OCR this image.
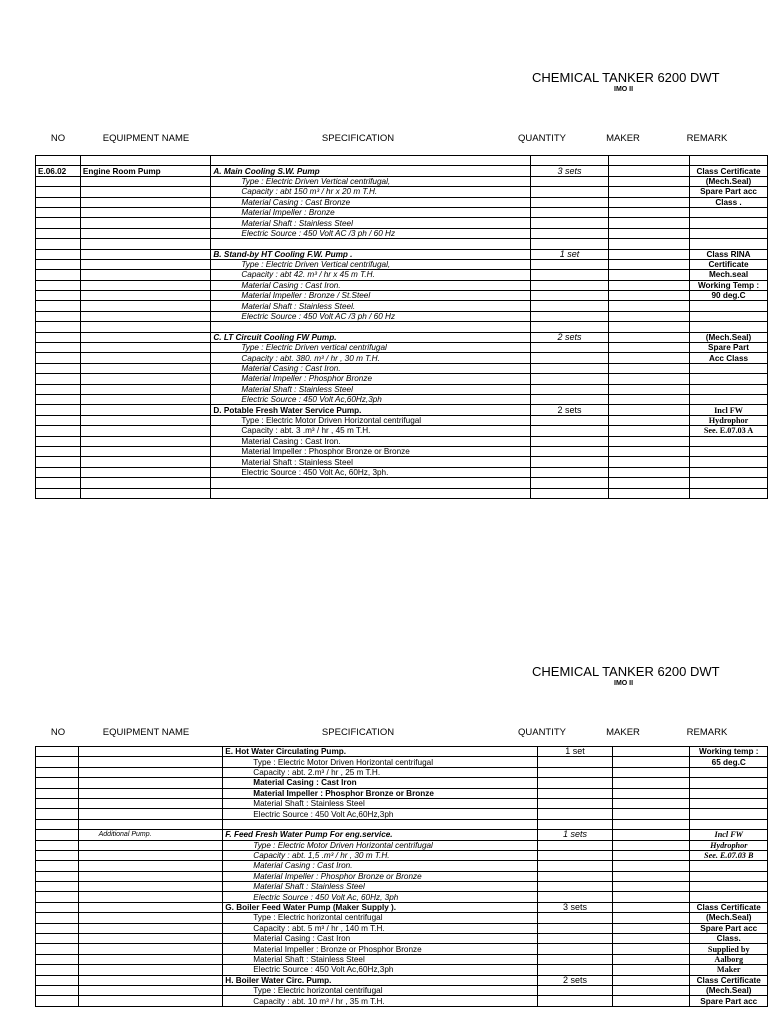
CHEMICAL TANKER 6200 DWT
IMO II
NO	EQUIPMENT NAME	SPECIFICATION	QUANTITY	MAKER	REMARK

E.06.02	Engine Room Pump	A. Main Cooling S.W. Pump	3 sets		Class Certificate
		Type : Electric Driven Vertical centrifugal,			(Mech.Seal)
		Capacity : abt 150 m³ / hr x 20 m T.H.			Spare Part acc
		Material Casing : Cast Bronze			Class .
		Material Impeller : Bronze			
		Material Shaft : Stainless Steel			
		Electric Source : 450 Volt AC /3 ph / 60 Hz			

		B. Stand-by HT Cooling F.W. Pump .	1 set		Class RINA
		Type : Electric Driven Vertical centrifugal,			Certificate
		Capacity : abt 42. m³ / hr x 45 m T.H.			Mech.seal
		Material Casing : Cast Iron.			Working Temp :
		Material Impeller : Bronze / St.Steel			90 deg.C
		Material Shaft : Stainless Steel.			
		Electric Source : 450 Volt AC /3 ph / 60 Hz			

		C. LT Circuit Cooling FW Pump.	2 sets		(Mech.Seal)
		Type : Electric Driven vertical centrifugal			Spare Part
		Capacity : abt. 380. m³ / hr , 30 m T.H.			Acc Class
		Material Casing : Cast Iron.			
		Material Impeller : Phosphor Bronze			
		Material Shaft : Stainless Steel			
		Electric Source : 450 Volt Ac,60Hz,3ph			
		D. Potable Fresh Water Service Pump.	2 sets		Incl FW
		Type : Electric Motor Driven Horizontal centrifugal			Hydrophor
		Capacity : abt. 3 .m³ / hr , 45 m T.H.			See. E.07.03 A
		Material Casing : Cast Iron.			
		Material Impeller : Phosphor Bronze or Bronze			
		Material Shaft : Stainless Steel			
		Electric Source : 450 Volt Ac, 60Hz, 3ph.			

CHEMICAL TANKER 6200 DWT
IMO II
NO	EQUIPMENT NAME	SPECIFICATION	QUANTITY	MAKER	REMARK
		E. Hot Water Circulating Pump.	1 set		Working temp :
		Type : Electric Motor Driven Horizontal centrifugal			65 deg.C
		Capacity : abt. 2.m³ / hr , 25 m T.H.			
		Material Casing : Cast Iron			
		Material Impeller : Phosphor Bronze or Bronze			
		Material Shaft : Stainless Steel			
		Electric Source : 450 Volt Ac,60Hz,3ph			

	Additional Pump.	F. Feed Fresh Water Pump For eng.service.	1 sets		Incl FW
		Type : Electric Motor Driven Horizontal centrifugal			Hydrophor
		Capacity : abt. 1,5 .m³ / hr , 30 m T.H.			See. E.07.03 B
		Material Casing : Cast Iron.			
		Material Impeller : Phosphor Bronze or Bronze			
		Material Shaft : Stainless Steel			
		Electric Source : 450 Volt Ac, 60Hz, 3ph			
		G. Boiler Feed Water Pump (Maker Supply ).	3 sets		Class Certificate
		Type : Electric horizontal centrifugal			(Mech.Seal)
		Capacity : abt. 5 m³ / hr , 140 m T.H.			Spare Part acc
		Material Casing : Cast Iron			Class.
		Material Impeller : Bronze or Phosphor Bronze			Supplied by
		Material Shaft : Stainless Steel			Aalborg
		Electric Source : 450 Volt Ac,60Hz,3ph			Maker
		H. Boiler Water Circ. Pump.	2 sets		Class Certificate
		Type : Electric horizontal centrifugal			(Mech.Seal)
		Capacity : abt. 10 m³ / hr , 35 m T.H.			Spare Part acc
